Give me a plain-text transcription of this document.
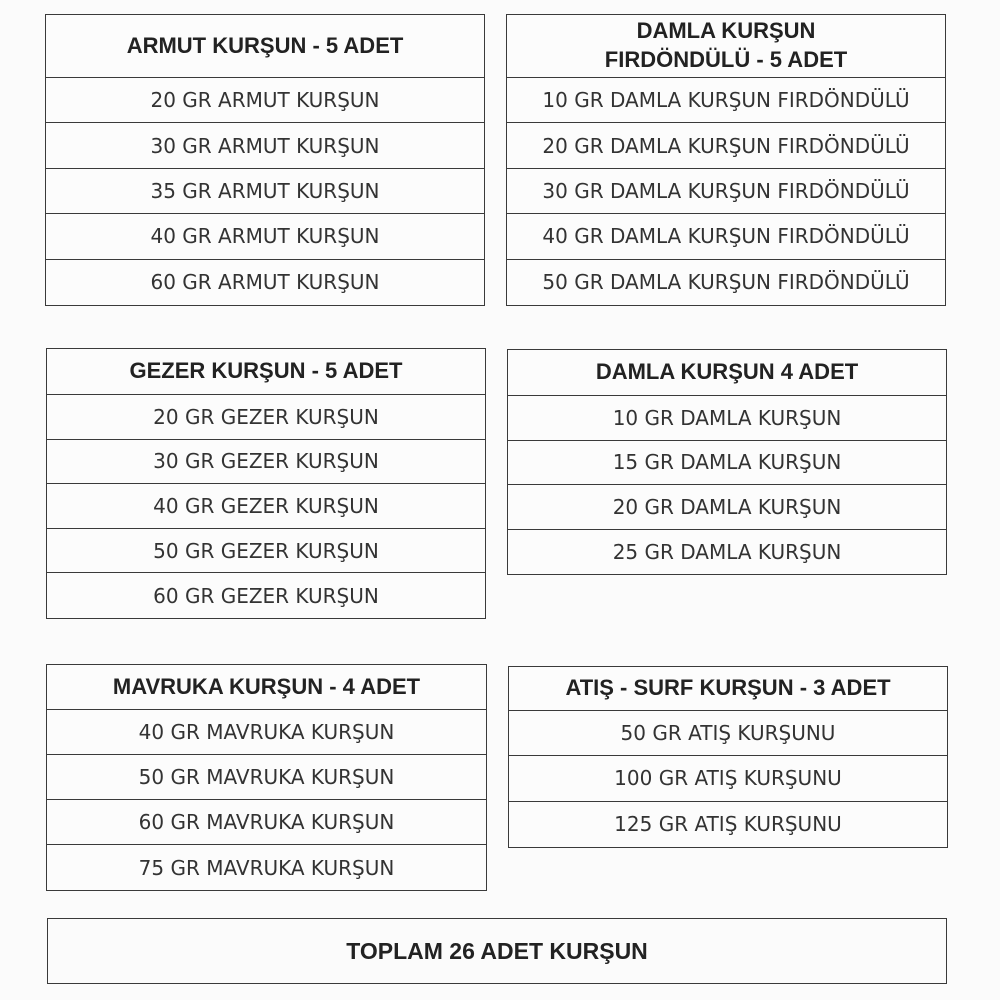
ARMUT KURŞUN - 5 ADET
20 GR ARMUT KURŞUN
30 GR ARMUT KURŞUN
35 GR ARMUT KURŞUN
40 GR ARMUT KURŞUN
60 GR ARMUT KURŞUN
DAMLA KURŞUN FIRDÖNDÜLÜ - 5 ADET
10 GR DAMLA KURŞUN FIRDÖNDÜLÜ
20 GR DAMLA KURŞUN FIRDÖNDÜLÜ
30 GR DAMLA KURŞUN FIRDÖNDÜLÜ
40 GR DAMLA KURŞUN FIRDÖNDÜLÜ
50 GR DAMLA KURŞUN FIRDÖNDÜLÜ
GEZER KURŞUN - 5 ADET
20 GR GEZER KURŞUN
30 GR GEZER KURŞUN
40 GR GEZER KURŞUN
50 GR GEZER KURŞUN
60 GR GEZER KURŞUN
DAMLA KURŞUN 4 ADET
10 GR DAMLA KURŞUN
15 GR DAMLA KURŞUN
20 GR DAMLA KURŞUN
25 GR DAMLA KURŞUN
MAVRUKA KURŞUN - 4 ADET
40 GR MAVRUKA KURŞUN
50 GR MAVRUKA KURŞUN
60 GR MAVRUKA KURŞUN
75 GR MAVRUKA KURŞUN
ATIŞ - SURF KURŞUN - 3 ADET
50 GR ATIŞ KURŞUNU
100 GR ATIŞ KURŞUNU
125 GR ATIŞ KURŞUNU
TOPLAM 26 ADET KURŞUN
